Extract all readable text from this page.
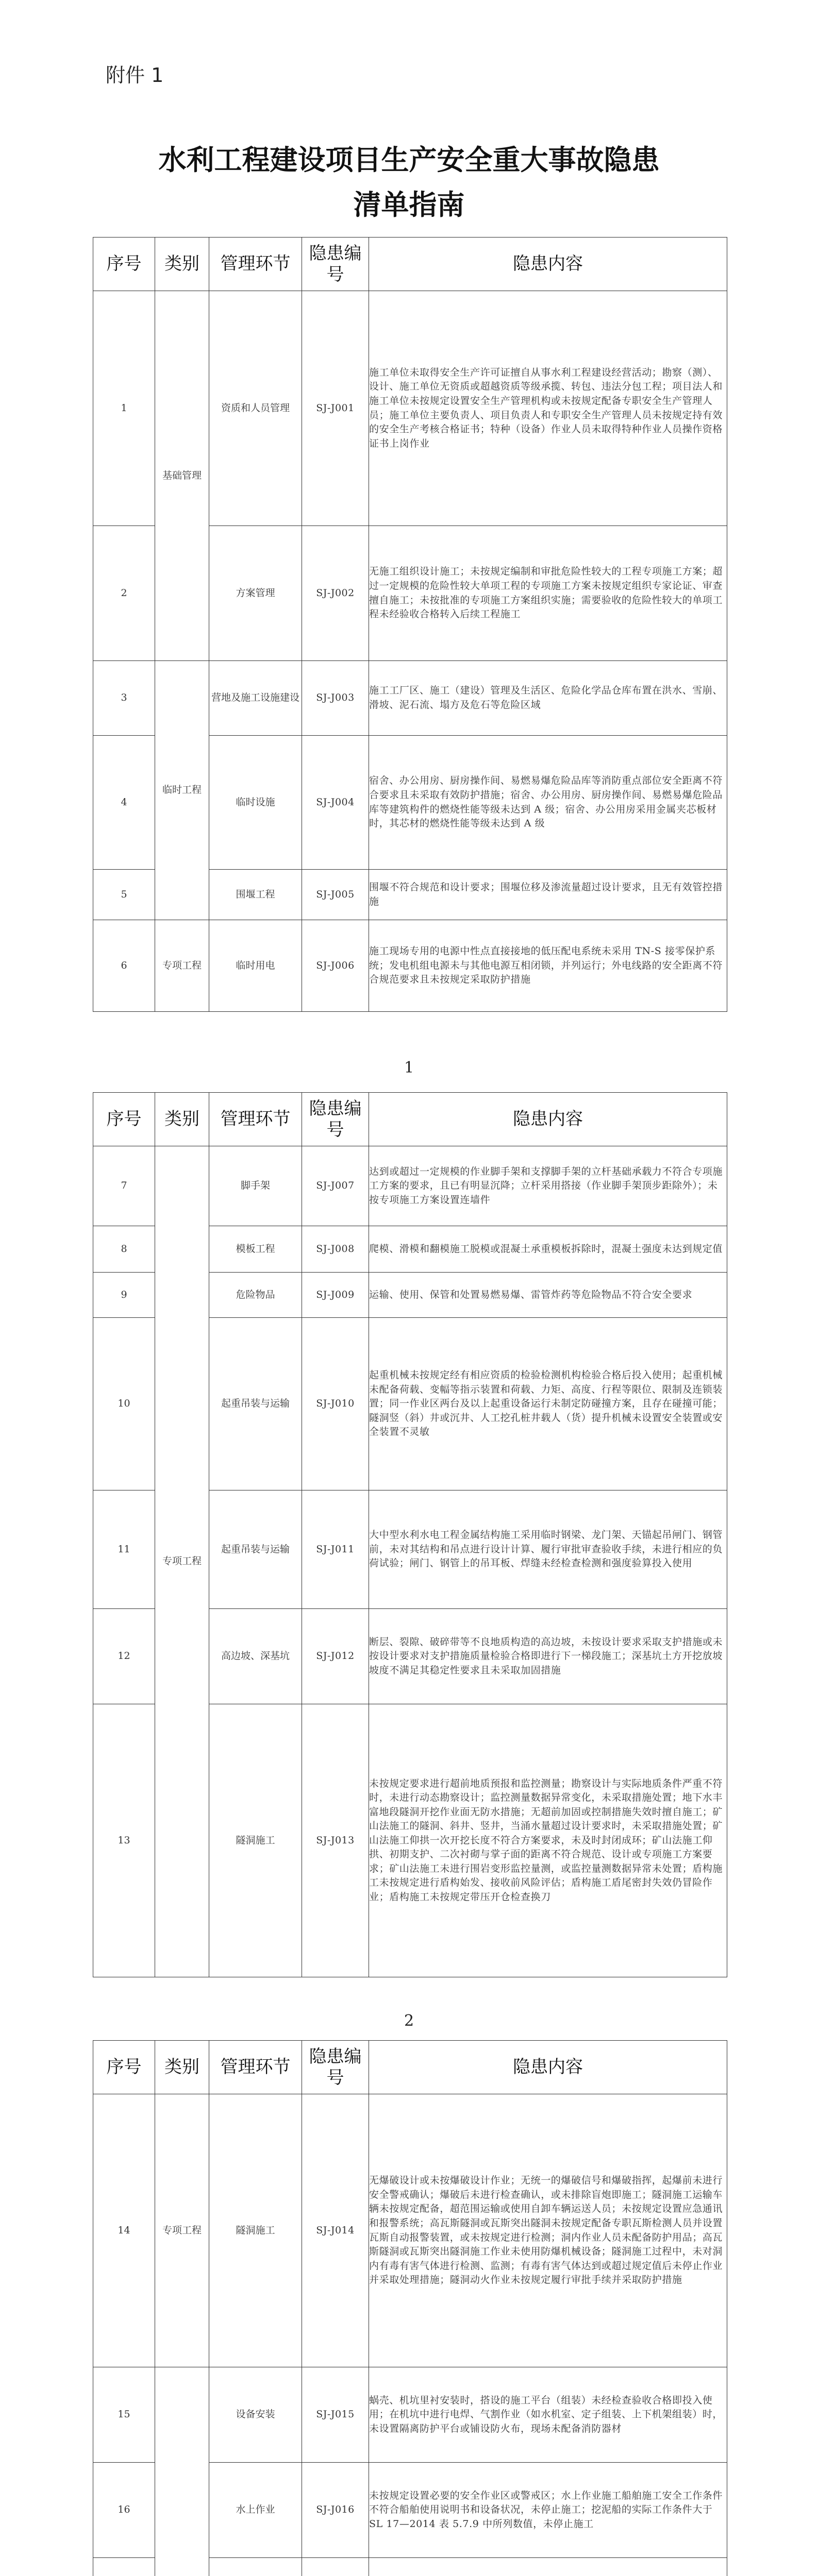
附件 1
水利工程建设项目生产安全重大事故隐患
清单指南
序号	类别	管理环节	隐患编号	隐患内容
1	基础管理	资质和人员管理	SJ-J001	施工单位未取得安全生产许可证擅自从事水利工程建设经营活动；勘察（测）、设计、施工单位无资质或超越资质等级承揽、转包、违法分包工程；项目法人和施工单位未按规定设置安全生产管理机构或未按规定配备专职安全生产管理人员；施工单位主要负责人、项目负责人和专职安全生产管理人员未按规定持有效的安全生产考核合格证书；特种（设备）作业人员未取得特种作业人员操作资格证书上岗作业
2		方案管理	SJ-J002	无施工组织设计施工；未按规定编制和审批危险性较大的工程专项施工方案；超过一定规模的危险性较大单项工程的专项施工方案未按规定组织专家论证、审查擅自施工；未按批准的专项施工方案组织实施；需要验收的危险性较大的单项工程未经验收合格转入后续工程施工
3	临时工程	营地及施工设施建设	SJ-J003	施工工厂区、施工（建设）管理及生活区、危险化学品仓库布置在洪水、雪崩、滑坡、泥石流、塌方及危石等危险区域
4		临时设施	SJ-J004	宿舍、办公用房、厨房操作间、易燃易爆危险品库等消防重点部位安全距离不符合要求且未采取有效防护措施；宿舍、办公用房、厨房操作间、易燃易爆危险品库等建筑构件的燃烧性能等级未达到 A 级；宿舍、办公用房采用金属夹芯板材时，其芯材的燃烧性能等级未达到 A 级
5		围堰工程	SJ-J005	围堰不符合规范和设计要求；围堰位移及渗流量超过设计要求，且无有效管控措施
6	专项工程	临时用电	SJ-J006	施工现场专用的电源中性点直接接地的低压配电系统未采用 TN-S 接零保护系统；发电机组电源未与其他电源互相闭锁，并列运行；外电线路的安全距离不符合规范要求且未按规定采取防护措施
1
序号	类别	管理环节	隐患编号	隐患内容
7	专项工程	脚手架	SJ-J007	达到或超过一定规模的作业脚手架和支撑脚手架的立杆基础承载力不符合专项施工方案的要求，且已有明显沉降；立杆采用搭接（作业脚手架顶步距除外）；未按专项施工方案设置连墙件
8		模板工程	SJ-J008	爬模、滑模和翻模施工脱模或混凝土承重模板拆除时，混凝土强度未达到规定值
9		危险物品	SJ-J009	运输、使用、保管和处置易燃易爆、雷管炸药等危险物品不符合安全要求
10		起重吊装与运输	SJ-J010	起重机械未按规定经有相应资质的检验检测机构检验合格后投入使用；起重机械未配备荷载、变幅等指示装置和荷载、力矩、高度、行程等限位、限制及连锁装置；同一作业区两台及以上起重设备运行未制定防碰撞方案，且存在碰撞可能；隧洞竖（斜）井或沉井、人工挖孔桩井载人（货）提升机械未设置安全装置或安全装置不灵敏
11		起重吊装与运输	SJ-J011	大中型水利水电工程金属结构施工采用临时钢梁、龙门架、天锚起吊闸门、钢管前，未对其结构和吊点进行设计计算、履行审批审查验收手续，未进行相应的负荷试验；闸门、钢管上的吊耳板、焊缝未经检查检测和强度验算投入使用
12		高边坡、深基坑	SJ-J012	断层、裂隙、破碎带等不良地质构造的高边坡，未按设计要求采取支护措施或未按设计要求对支护措施质量检验合格即进行下一梯段施工；深基坑土方开挖放坡坡度不满足其稳定性要求且未采取加固措施
13		隧洞施工	SJ-J013	未按规定要求进行超前地质预报和监控测量；勘察设计与实际地质条件严重不符时，未进行动态勘察设计；监控测量数据异常变化，未采取措施处置；地下水丰富地段隧洞开挖作业面无防水措施；无超前加固或控制措施失效时擅自施工；矿山法施工的隧洞、斜井、竖井，当涌水量超过设计要求时，未采取措施处置；矿山法施工仰拱一次开挖长度不符合方案要求，未及时封闭成环；矿山法施工仰拱、初期支护、二次衬砌与掌子面的距离不符合规范、设计或专项施工方案要求；矿山法施工未进行围岩变形监控量测，或监控量测数据异常未处置；盾构施工未按规定进行盾构始发、接收前风险评估；盾构施工盾尾密封失效仍冒险作业；盾构施工未按规定带压开仓检查换刀
2
序号	类别	管理环节	隐患编号	隐患内容
14	专项工程	隧洞施工	SJ-J014	无爆破设计或未按爆破设计作业；无统一的爆破信号和爆破指挥，起爆前未进行安全警戒确认；爆破后未进行检查确认，或未排除盲炮即施工；隧洞施工运输车辆未按规定配备，超范围运输或使用自卸车辆运送人员；未按规定设置应急通讯和报警系统；高瓦斯隧洞或瓦斯突出隧洞未按规定配备专职瓦斯检测人员并设置瓦斯自动报警装置，或未按规定进行检测；洞内作业人员未配备防护用品；高瓦斯隧洞或瓦斯突出隧洞施工作业未使用防爆机械设备；隧洞施工过程中，未对洞内有毒有害气体进行检测、监测；有毒有害气体达到或超过规定值后未停止作业并采取处理措施；隧洞动火作业未按规定履行审批手续并采取防护措施
15		设备安装	SJ-J015	蜗壳、机坑里衬安装时，搭设的施工平台（组装）未经检查验收合格即投入使用；在机坑中进行电焊、气割作业（如水机室、定子组装、上下机架组装）时，未设置隔离防护平台或铺设防火布，现场未配备消防器材
16		水上作业	SJ-J016	未按规定设置必要的安全作业区或警戒区；水上作业施工船舶施工安全工作条件不符合船舶使用说明书和设备状况，未停止施工；挖泥船的实际工作条件大于 SL 17—2014 表 5.7.9 中所列数值，未停止施工
